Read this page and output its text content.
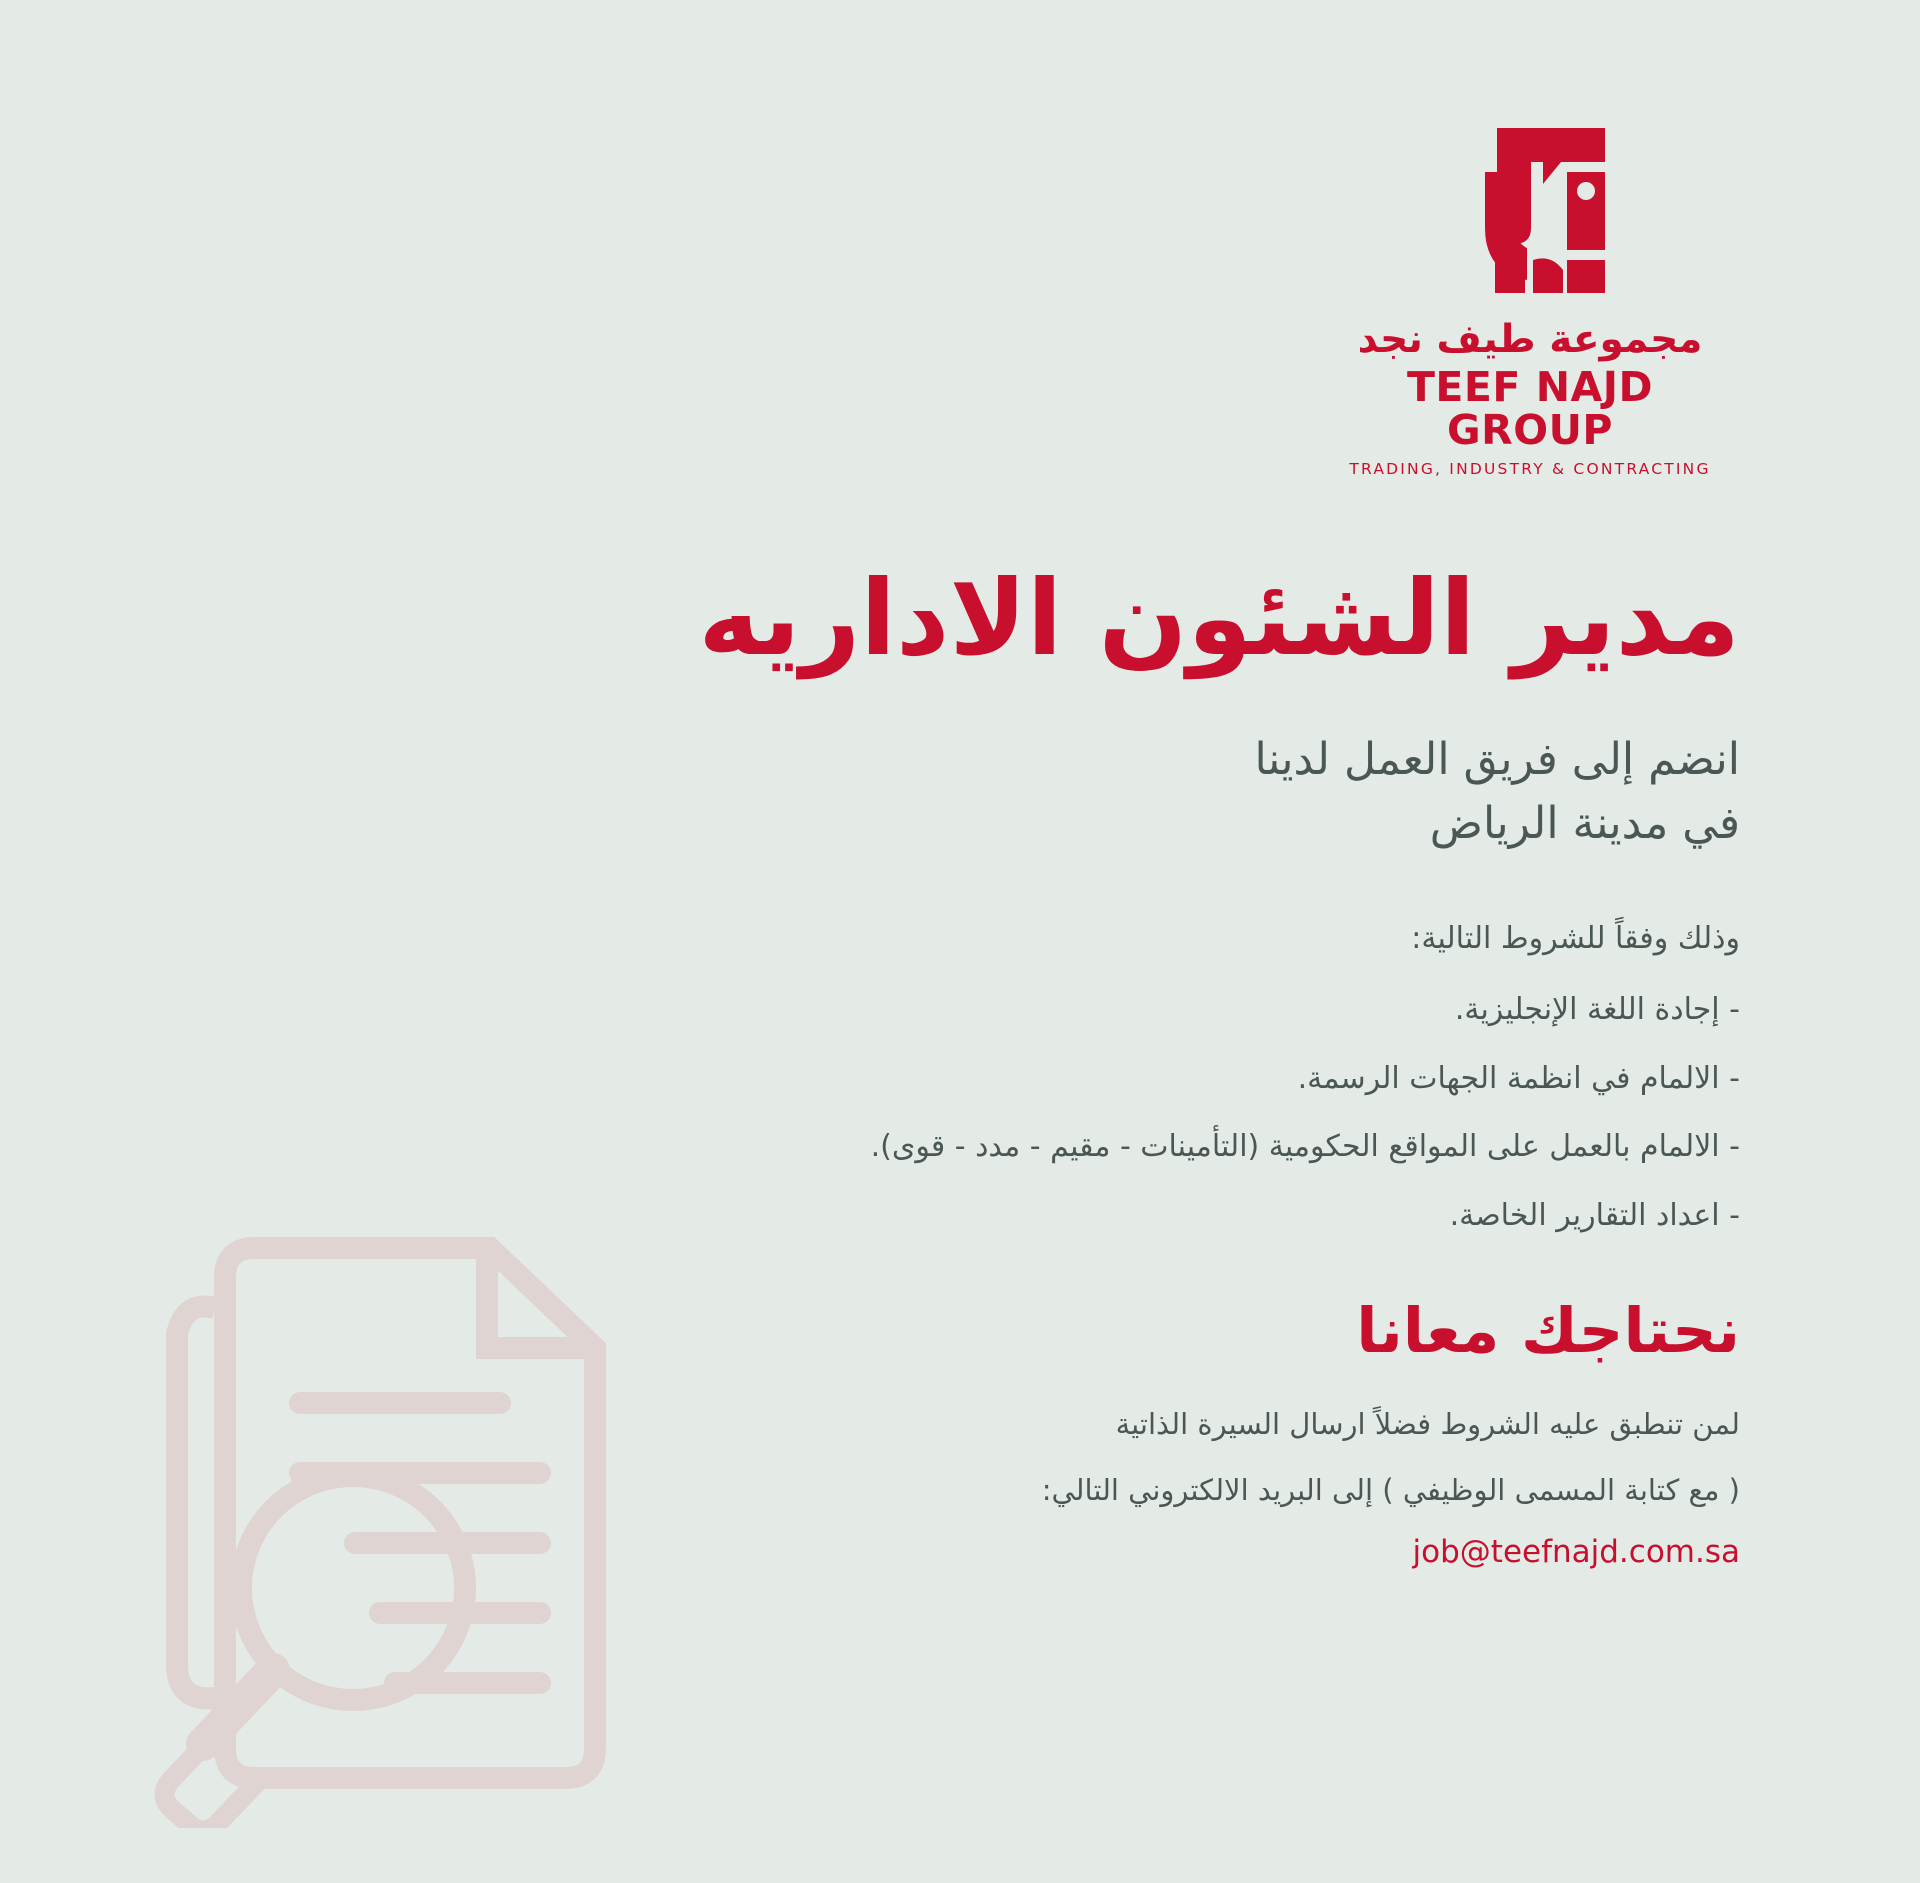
مجموعة طيف نجد
TEEF NAJD GROUP
TRADING, INDUSTRY & CONTRACTING
مدير الشئون الاداريه
انضم إلى فريق العمل لدينا
في مدينة الرياض

وذلك وفقاً للشروط التالية:

- إجادة اللغة الإنجليزية.
- الالمام في انظمة الجهات الرسمة.
- الالمام بالعمل على المواقع الحكومية (التأمينات - مقيم - مدد - قوى).
- اعداد التقارير الخاصة.
نحتاجك معانا

لمن تنطبق عليه الشروط فضلاً ارسال السيرة الذاتية

( مع كتابة المسمى الوظيفي ) إلى البريد الالكتروني التالي:

job@teefnajd.com.sa
